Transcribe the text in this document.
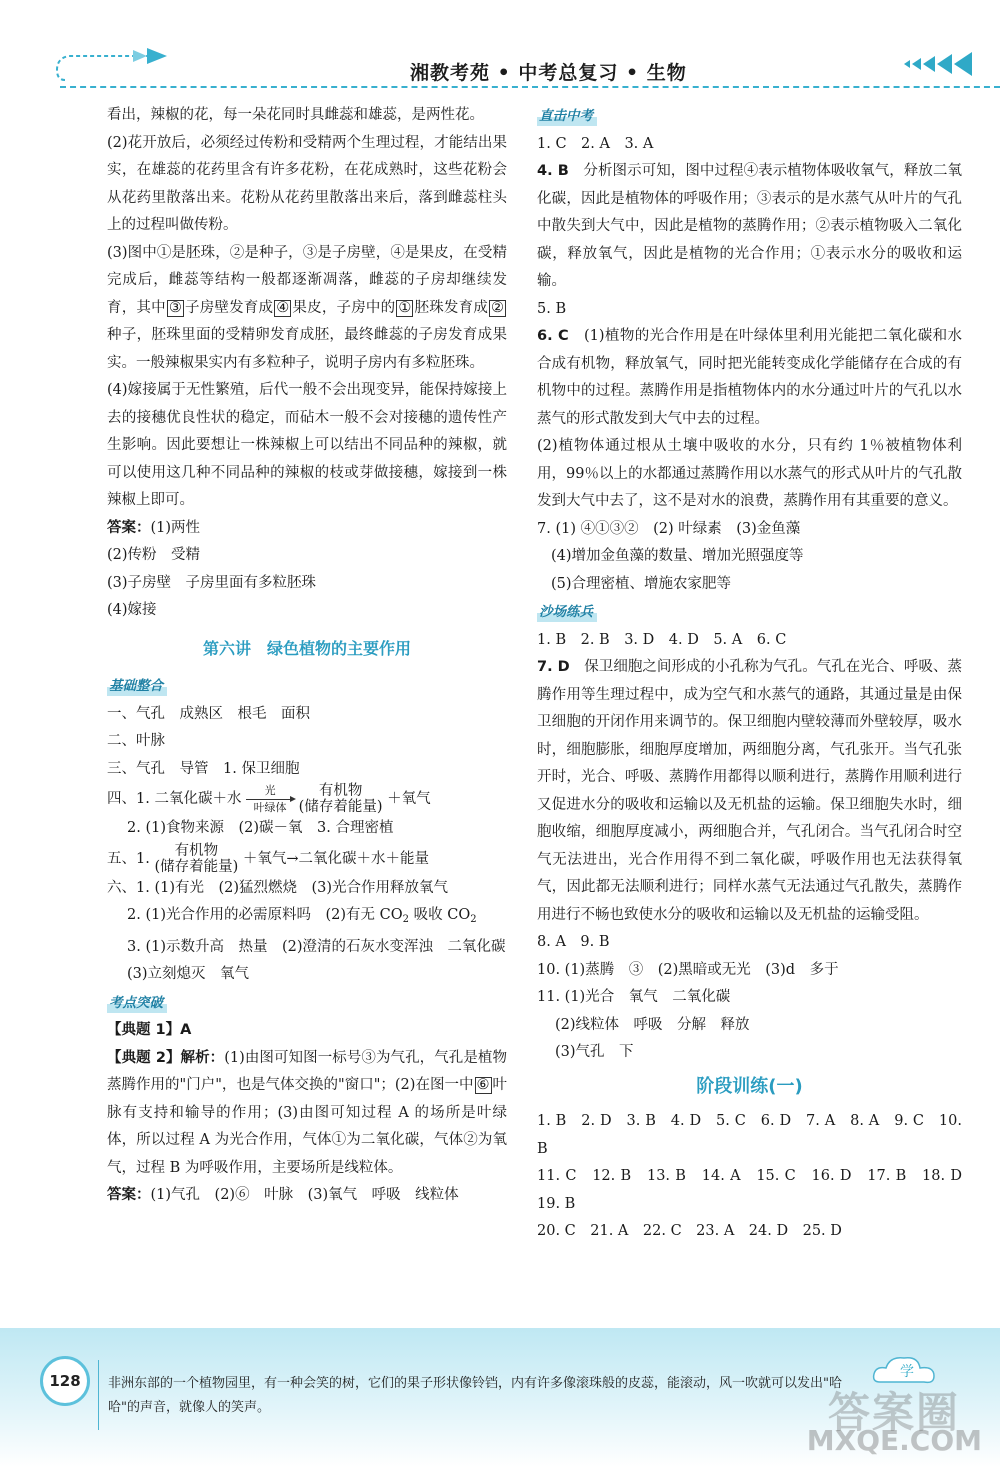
湘教考苑 • 中考总复习 • 生物

看出，辣椒的花，每一朵花同时具雌蕊和雄蕊，是两性花。

(2)花开放后，必须经过传粉和受精两个生理过程，才能结出果实，在雄蕊的花药里含有许多花粉，在花成熟时，这些花粉会从花药里散落出来。花粉从花药里散落出来后，落到雌蕊柱头上的过程叫做传粉。

(3)图中①是胚珠，②是种子，③是子房壁，④是果皮，在受精完成后，雌蕊等结构一般都逐渐凋落，雌蕊的子房却继续发育，其中 ③ 子房壁发育成 ④ 果皮，子房中的 ① 胚珠发育成 ②种子，胚珠里面的受精卵发育成胚，最终雌蕊的子房发育成果实。一般辣椒果实内有多粒种子，说明子房内有多粒胚珠。

(4)嫁接属于无性繁殖，后代一般不会出现变异，能保持嫁接上去的接穗优良性状的稳定，而砧木一般不会对接穗的遗传性产生影响。因此要想让一株辣椒上可以结出不同品种的辣椒，就可以使用这几种不同品种的辣椒的枝或芽做接穗，嫁接到一株辣椒上即可。

答案：(1)两性

(2)传粉　受精

(3)子房壁　子房里面有多粒胚珠

(4)嫁接

第六讲　绿色植物的主要作用
基础整合

一、气孔　成熟区　根毛　面积

二、叶脉

三、气孔　导管　1. 保卫细胞

四、1. 二氧化碳＋水
光
叶绿体

有机物
(储存着能量) ＋氧气

2. (1)食物来源　(2)碳－氧　3. 合理密植

五、1.	有机物
(储存着能量) ＋氧气→二氧化碳＋水＋能量

六、1. (1)有光　(2)猛烈燃烧　(3)光合作用释放氧气

2. (1)光合作用的必需原料吗　(2)有无 $CO_2$ 吸收 $CO_2$

3. (1)示数升高　热量　(2)澄清的石灰水变浑浊　二氧化碳

(3)立刻熄灭　氧气

考点突破

【典题 1】A

【典题 2】解析：(1)由图可知图一标号③为气孔，气孔是植物蒸腾作用的"门户"，也是气体交换的"窗口"；(2)在图一中 ⑥ 叶脉有支持和输导的作用；(3)由图可知过程 A 的场所是叶绿体，所以过程 A 为光合作用，气体①为二氧化碳，气体②为氧气，过程 B 为呼吸作用，主要场所是线粒体。

答案：(1)气孔　(2)⑥　叶脉　(3)氧气　呼吸　线粒体

直击中考

1. C　2. A　3. A

4. B　 分析图示可知，图中过程④表示植物体吸收氧气，释放二氧化碳，因此是植物体的呼吸作用；③表示的是水蒸气从叶片的气孔中散失到大气中，因此是植物的蒸腾作用；②表示植物吸入二氧化碳，释放氧气，因此是植物的光合作用；①表示水分的吸收和运输。

5. B

6. C　 (1)植物的光合作用是在叶绿体里利用光能把二氧化碳和水合成有机物，释放氧气，同时把光能转变成化学能储存在合成的有机物中的过程。蒸腾作用是指植物体内的水分通过叶片的气孔以水蒸气的形式散发到大气中去的过程。

(2)植物体通过根从土壤中吸收的水分，只有约 1％被植物体利用，99％以上的水都通过蒸腾作用以水蒸气的形式从叶片的气孔散发到大气中去了，这不是对水的浪费，蒸腾作用有其重要的意义。

7. (1) ④①③②　(2) 叶绿素　(3)金鱼藻

(4)增加金鱼藻的数量、增加光照强度等

(5)合理密植、增施农家肥等

沙场练兵

1. B　2. B　3. D　4. D　5. A　6. C

7. D　 保卫细胞之间形成的小孔称为气孔。气孔在光合、呼吸、蒸腾作用等生理过程中，成为空气和水蒸气的通路，其通过量是由保卫细胞的开闭作用来调节的。保卫细胞内壁较薄而外壁较厚，吸水时，细胞膨胀，细胞厚度增加，两细胞分离，气孔张开。当气孔张开时，光合、呼吸、蒸腾作用都得以顺利进行，蒸腾作用顺利进行又促进水分的吸收和运输以及无机盐的运输。保卫细胞失水时，细胞收缩，细胞厚度减小，两细胞合并，气孔闭合。当气孔闭合时空气无法进出，光合作用得不到二氧化碳，呼吸作用也无法获得氧气，因此都无法顺利进行；同样水蒸气无法通过气孔散失，蒸腾作用进行不畅也致使水分的吸收和运输以及无机盐的运输受阻。

8. A　9. B

10. (1)蒸腾　③　(2)黑暗或无光　(3)d　多于

11. (1)光合　氧气　二氧化碳

(2)线粒体　呼吸　分解　释放

(3)气孔　下

阶段训练(一)

1. B　2. D　3. B　4. D　5. C　6. D　7. A　8. A　9. C　10. B

11. C　12. B　13. B　14. A　15. C　16. D　17. B　18. D　19. B

20. C　21. A　22. C　23. A　24. D　25. D

128	非洲东部的一个植物园里，有一种会笑的树，它们的果子形状像铃铛，内有许多像滚珠般的皮蕊，能滚动，风一吹就可以发出"哈哈"的声音，就像人的笑声。
学
答案圈
MXQE.COM
